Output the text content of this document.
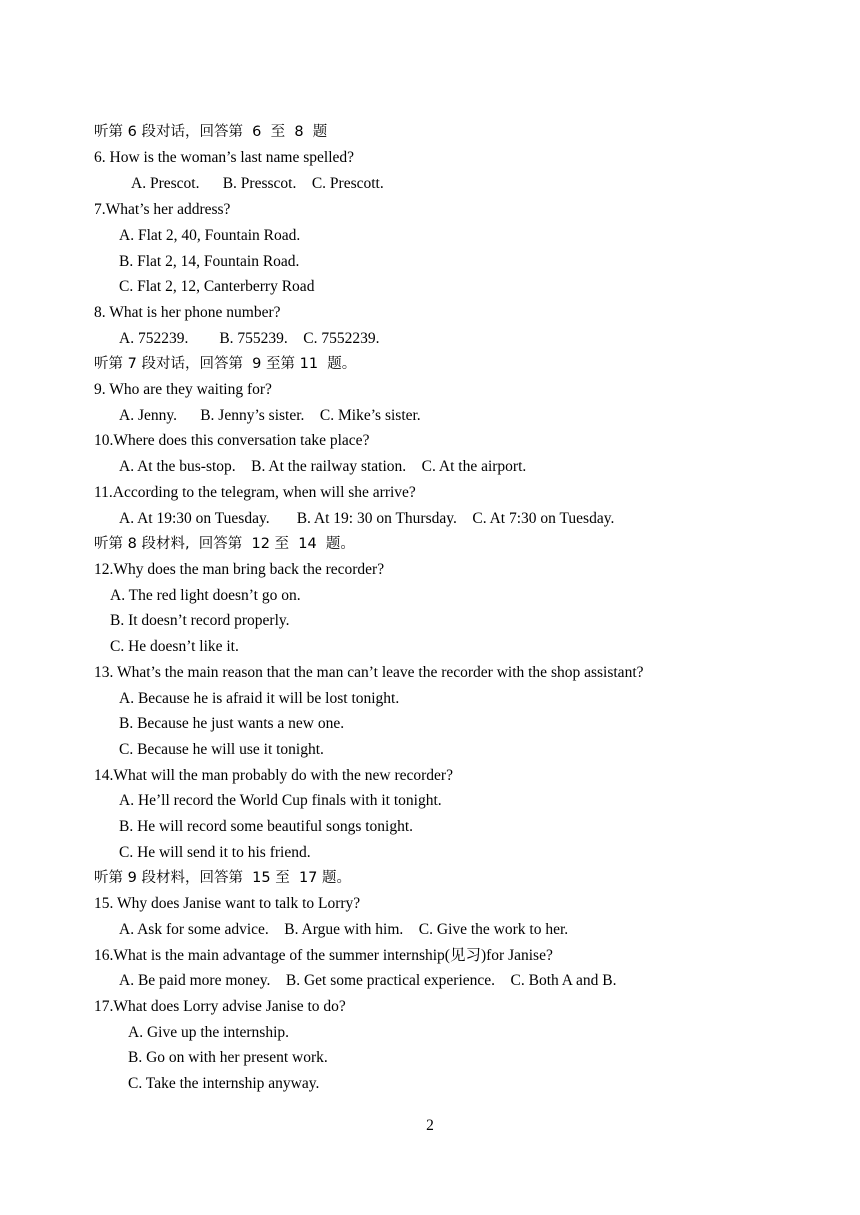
听第 6 段对话，回答第  6  至  8  题

6. How is the woman’s last name spelled?

A. Prescot.      B. Presscot.    C. Prescott.

7.What’s her address?

A. Flat 2, 40, Fountain Road.

B. Flat 2, 14, Fountain Road.

C. Flat 2, 12, Canterberry Road

8. What is her phone number?

A. 752239.        B. 755239.    C. 7552239.

听第 7 段对话，回答第  9 至第 11  题。

9. Who are they waiting for?

A. Jenny.      B. Jenny’s sister.    C. Mike’s sister.

10.Where does this conversation take place?

A. At the bus-stop.    B. At the railway station.    C. At the airport.

11.According to the telegram, when will she arrive?

A. At 19:30 on Tuesday.       B. At 19: 30 on Thursday.    C. At 7:30 on Tuesday.

听第 8 段材料,  回答第  12 至  14  题。

12.Why does the man bring back the recorder?

A. The red light doesn’t go on.

B. It doesn’t record properly.

C. He doesn’t like it.

13. What’s the main reason that the man can’t leave the recorder with the shop assistant?

A. Because he is afraid it will be lost tonight.

B. Because he just wants a new one.

C. Because he will use it tonight.

14.What will the man probably do with the new recorder?

A. He’ll record the World Cup finals with it tonight.

B. He will record some beautiful songs tonight.

C. He will send it to his friend.

听第 9 段材料，回答第  15 至  17 题。

15. Why does Janise want to talk to Lorry?

A. Ask for some advice.    B. Argue with him.    C. Give the work to her.

16.What is the main advantage of the summer internship(见习)for Janise?

A. Be paid more money.    B. Get some practical experience.    C. Both A and B.

17.What does Lorry advise Janise to do?

A. Give up the internship.

B. Go on with her present work.

C. Take the internship anyway.

2
